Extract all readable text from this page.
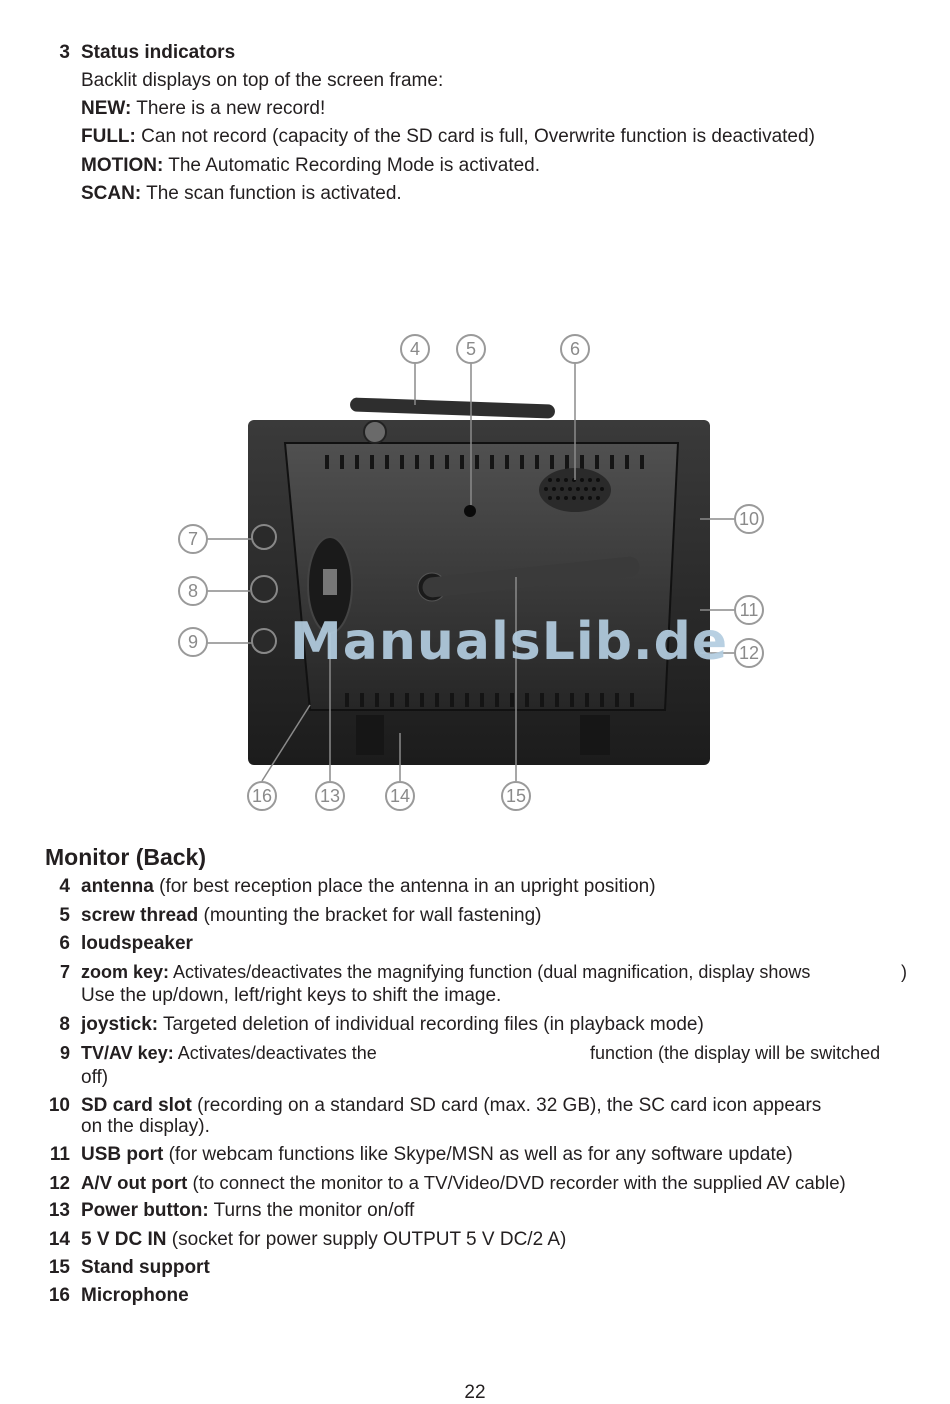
3 Status indicators
Backlit displays on top of the screen frame:
NEW: There is a new record!
FULL: Can not record (capacity of the SD card is full, Overwrite function is deactivated)
MOTION: The Automatic Recording Mode is activated.
SCAN: The scan function is activated.
4	5	6
7
8
9
10
11
12
13	14	15
16
ManualsLib.de
Monitor (Back)
4 antenna (for best reception place the antenna in an upright position)
5 screw thread (mounting the bracket for wall fastening)
6 loudspeaker
7 zoom key: Activates/deactivates the magnifying function (dual magnification, display shows	)
Use the up/down, left/right keys to shift the image.
8 joystick: Targeted deletion of individual recording files (in playback mode)
9 TV/AV key: Activates/deactivates the	function (the display will be switched
off)
10 SD card slot (recording on a standard SD card (max. 32 GB), the SC card icon appears
on the display).
11 USB port (for webcam functions like Skype/MSN as well as for any software update)
12 A/V out port (to connect the monitor to a TV/Video/DVD recorder with the supplied AV cable)
13 Power button: Turns the monitor on/off
14 5 V DC IN (socket for power supply OUTPUT 5 V DC/2 A)
15 Stand support
16 Microphone
22
